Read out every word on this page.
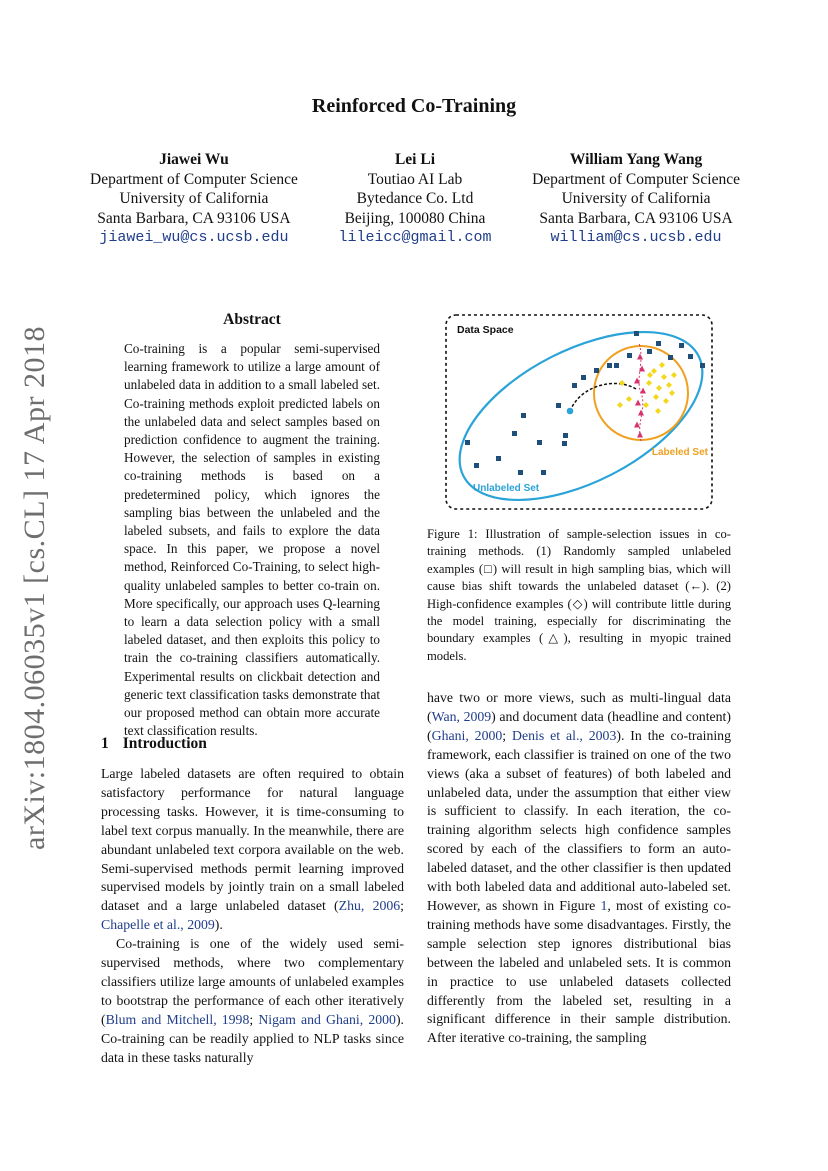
Reinforced Co-Training
Jiawei Wu
Department of Computer Science
University of California
Santa Barbara, CA 93106 USA
jiawei_wu@cs.ucsb.edu
Lei Li
Toutiao AI Lab
Bytedance Co. Ltd
Beijing, 100080 China
lileicc@gmail.com
William Yang Wang
Department of Computer Science
University of California
Santa Barbara, CA 93106 USA
william@cs.ucsb.edu
arXiv:1804.06035v1 [cs.CL] 17 Apr 2018
Abstract
Co-training is a popular semi-supervised learning framework to utilize a large amount of unlabeled data in addition to a small labeled set. Co-training methods exploit predicted labels on the unlabeled data and select samples based on prediction confidence to augment the training. However, the selection of samples in existing co-training methods is based on a predetermined policy, which ignores the sampling bias between the unlabeled and the labeled subsets, and fails to explore the data space. In this paper, we propose a novel method, Reinforced Co-Training, to select high-quality unlabeled samples to better co-train on. More specifically, our approach uses Q-learning to learn a data selection policy with a small labeled dataset, and then exploits this policy to train the co-training classifiers automatically. Experimental results on clickbait detection and generic text classification tasks demonstrate that our proposed method can obtain more accurate text classification results.
1 Introduction

Large labeled datasets are often required to obtain satisfactory performance for natural language processing tasks. However, it is time-consuming to label text corpus manually. In the meanwhile, there are abundant unlabeled text corpora available on the web. Semi-supervised methods permit learning improved supervised models by jointly train on a small labeled dataset and a large unlabeled dataset (Zhu, 2006; Chapelle et al., 2009).

Co-training is one of the widely used semi-supervised methods, where two complementary classifiers utilize large amounts of unlabeled examples to bootstrap the performance of each other iteratively (Blum and Mitchell, 1998; Nigam and Ghani, 2000). Co-training can be readily applied to NLP tasks since data in these tasks naturally

Data Space
Labeled Set
Unlabeled Set
Figure 1: Illustration of sample-selection issues in co-training methods. (1) Randomly sampled unlabeled examples (□) will result in high sampling bias, which will cause bias shift towards the unlabeled dataset (←). (2) High-confidence examples (◇) will contribute little during the model training, especially for discriminating the boundary examples (△), resulting in myopic trained models.

have two or more views, such as multi-lingual data (Wan, 2009) and document data (headline and content) (Ghani, 2000; Denis et al., 2003). In the co-training framework, each classifier is trained on one of the two views (aka a subset of features) of both labeled and unlabeled data, under the assumption that either view is sufficient to classify. In each iteration, the co-training algorithm selects high confidence samples scored by each of the classifiers to form an auto-labeled dataset, and the other classifier is then updated with both labeled data and additional auto-labeled set. However, as shown in Figure 1, most of existing co-training methods have some disadvantages. Firstly, the sample selection step ignores distributional bias between the labeled and unlabeled sets. It is common in practice to use unlabeled datasets collected differently from the labeled set, resulting in a significant difference in their sample distribution. After iterative co-training, the sampling
